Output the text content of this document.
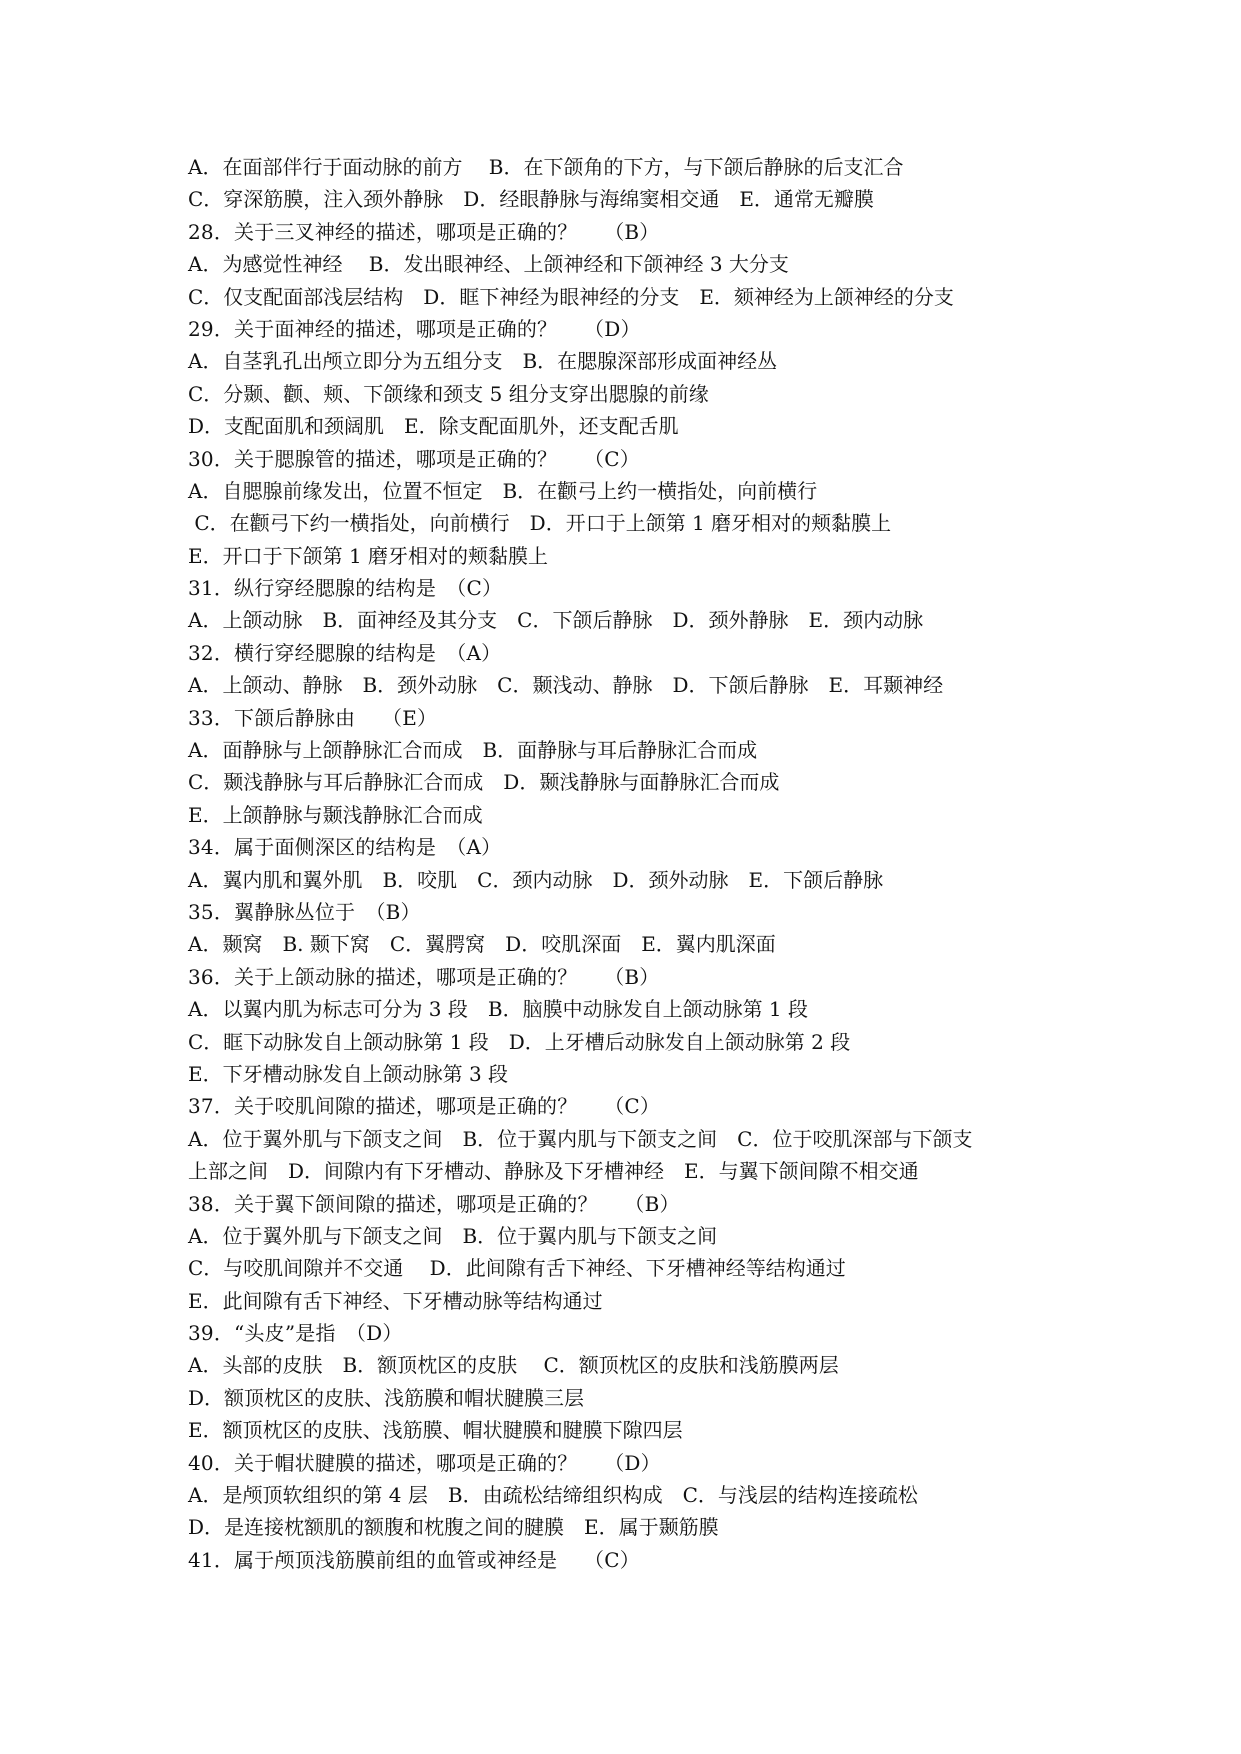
A．在面部伴行于面动脉的前方　 B．在下颌角的下方，与下颌后静脉的后支汇合
C．穿深筋膜，注入颈外静脉　D．经眼静脉与海绵窦相交通　E．通常无瓣膜
28．关于三叉神经的描述，哪项是正确的？　 （B）
A．为感觉性神经　 B．发出眼神经、上颌神经和下颌神经 3 大分支
C．仅支配面部浅层结构　D．眶下神经为眼神经的分支　E．颏神经为上颌神经的分支
29．关于面神经的描述，哪项是正确的？　 （D）
A．自茎乳孔出颅立即分为五组分支　B．在腮腺深部形成面神经丛
C．分颞、颧、颊、下颌缘和颈支 5 组分支穿出腮腺的前缘
D．支配面肌和颈阔肌　E．除支配面肌外，还支配舌肌
30．关于腮腺管的描述，哪项是正确的？　 （C）
A．自腮腺前缘发出，位置不恒定　B．在颧弓上约一横指处，向前横行
C．在颧弓下约一横指处，向前横行　D．开口于上颌第 1 磨牙相对的颊黏膜上
E．开口于下颌第 1 磨牙相对的颊黏膜上
31．纵行穿经腮腺的结构是　（C）
A．上颌动脉　B．面神经及其分支　C．下颌后静脉　D．颈外静脉　E．颈内动脉
32．横行穿经腮腺的结构是　（A）
A．上颌动、静脉　B．颈外动脉　C．颞浅动、静脉　D．下颌后静脉　E．耳颞神经
33．下颌后静脉由　 （E）
A．面静脉与上颌静脉汇合而成　B．面静脉与耳后静脉汇合而成
C．颞浅静脉与耳后静脉汇合而成　D．颞浅静脉与面静脉汇合而成
E．上颌静脉与颞浅静脉汇合而成
34．属于面侧深区的结构是　（A）
A．翼内肌和翼外肌　B．咬肌　C．颈内动脉　D．颈外动脉　E．下颌后静脉
35．翼静脉丛位于　（B）
A．颞窝　B. 颞下窝　C．翼腭窝　D．咬肌深面　E．翼内肌深面
36．关于上颌动脉的描述，哪项是正确的？　 （B）
A．以翼内肌为标志可分为 3 段　B．脑膜中动脉发自上颌动脉第 1 段
C．眶下动脉发自上颌动脉第 1 段　D．上牙槽后动脉发自上颌动脉第 2 段
E．下牙槽动脉发自上颌动脉第 3 段
37．关于咬肌间隙的描述，哪项是正确的？　 （C）
A．位于翼外肌与下颌支之间　B．位于翼内肌与下颌支之间　C．位于咬肌深部与下颌支
上部之间　D．间隙内有下牙槽动、静脉及下牙槽神经　E．与翼下颌间隙不相交通
38．关于翼下颌间隙的描述，哪项是正确的？　 （B）
A．位于翼外肌与下颌支之间　B．位于翼内肌与下颌支之间
C．与咬肌间隙并不交通　 D．此间隙有舌下神经、下牙槽神经等结构通过
E．此间隙有舌下神经、下牙槽动脉等结构通过
39．“头皮”是指　（D）
A．头部的皮肤　B．额顶枕区的皮肤　 C．额顶枕区的皮肤和浅筋膜两层
D．额顶枕区的皮肤、浅筋膜和帽状腱膜三层
E．额顶枕区的皮肤、浅筋膜、帽状腱膜和腱膜下隙四层
40．关于帽状腱膜的描述，哪项是正确的？　 （D）
A．是颅顶软组织的第 4 层　B．由疏松结缔组织构成　C．与浅层的结构连接疏松
D．是连接枕额肌的额腹和枕腹之间的腱膜　E．属于颞筋膜
41．属于颅顶浅筋膜前组的血管或神经是　 （C）
